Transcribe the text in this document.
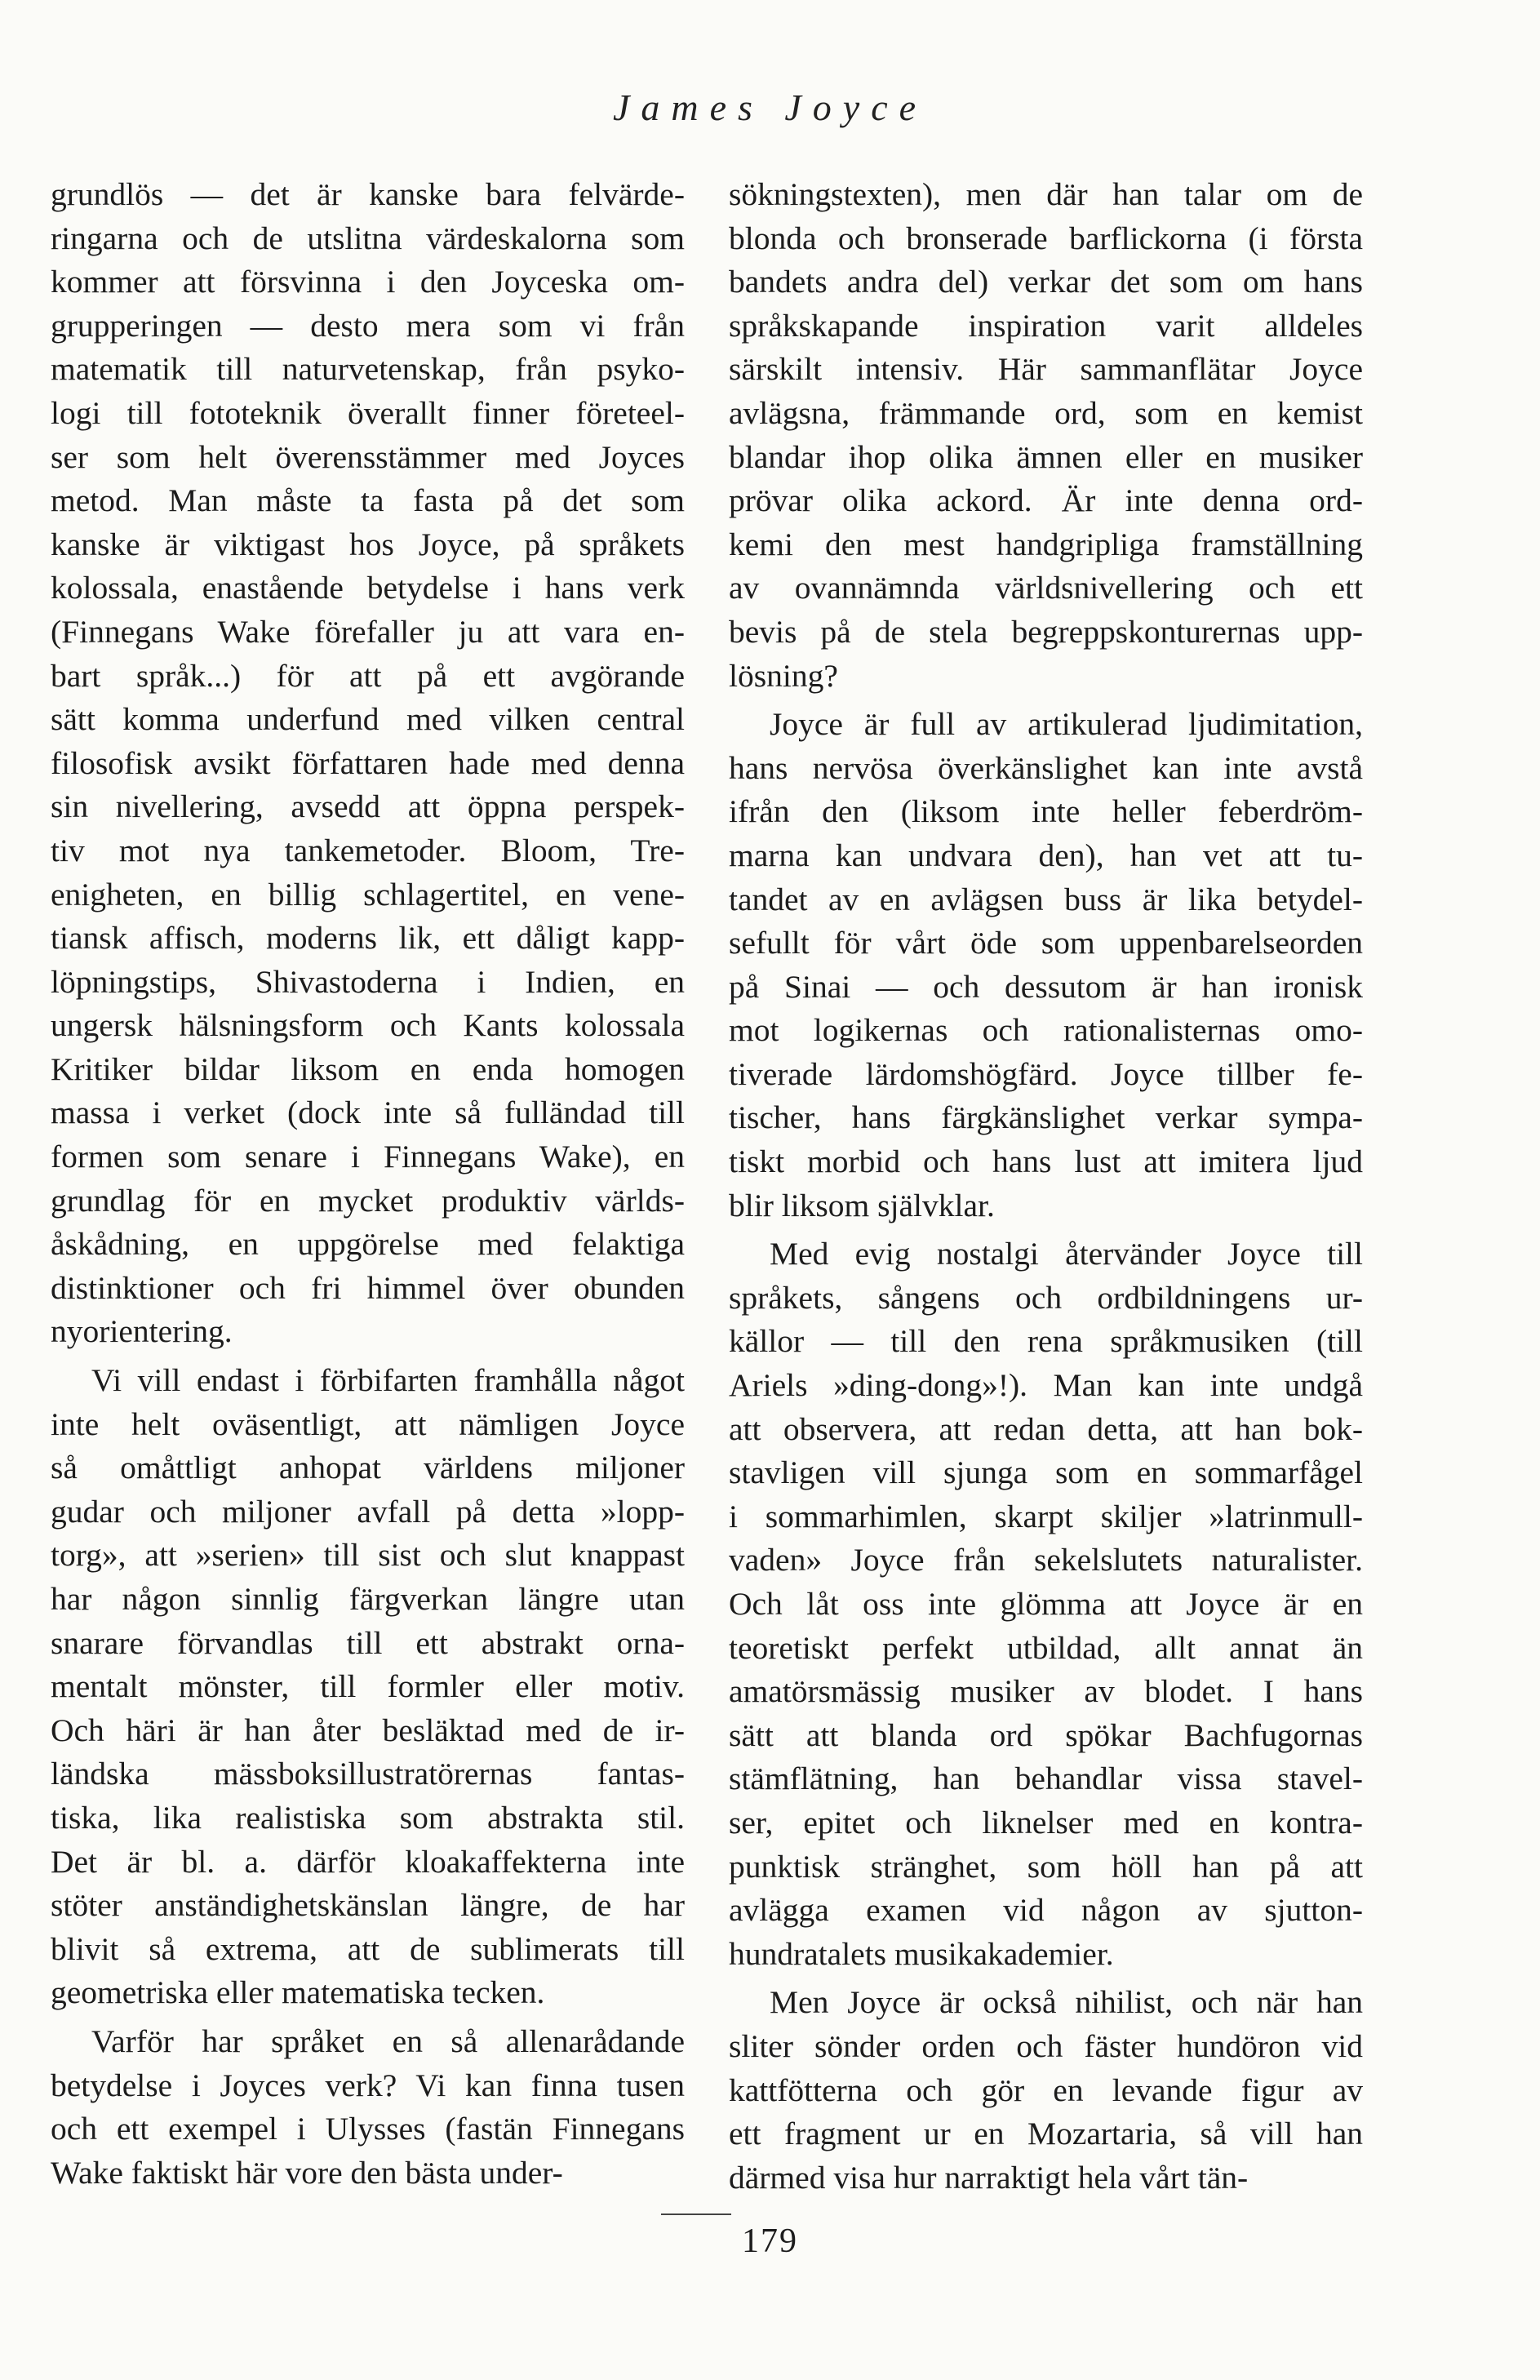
James Joyce

grundlös — det är kanske bara felvärde-
ringarna och de utslitna värdeskalorna som
kommer att försvinna i den Joyceska om-
grupperingen — desto mera som vi från
matematik till naturvetenskap, från psyko-
logi till fototeknik överallt finner företeel-
ser som helt överensstämmer med Joyces
metod. Man måste ta fasta på det som
kanske är viktigast hos Joyce, på språkets
kolossala, enastående betydelse i hans verk
(Finnegans Wake förefaller ju att vara en-
bart språk...) för att på ett avgörande
sätt komma underfund med vilken central
filosofisk avsikt författaren hade med denna
sin nivellering, avsedd att öppna perspek-
tiv mot nya tankemetoder. Bloom, Tre-
enigheten, en billig schlagertitel, en vene-
tiansk affisch, moderns lik, ett dåligt kapp-
löpningstips, Shivastoderna i Indien, en
ungersk hälsningsform och Kants kolossala
Kritiker bildar liksom en enda homogen
massa i verket (dock inte så fulländad till
formen som senare i Finnegans Wake), en
grundlag för en mycket produktiv världs-
åskådning, en uppgörelse med felaktiga
distinktioner och fri himmel över obunden
nyorientering.

Vi vill endast i förbifarten framhålla något
inte helt oväsentligt, att nämligen Joyce
så omåttligt anhopat världens miljoner
gudar och miljoner avfall på detta »lopp-
torg», att »serien» till sist och slut knappast
har någon sinnlig färgverkan längre utan
snarare förvandlas till ett abstrakt orna-
mentalt mönster, till formler eller motiv.
Och häri är han åter besläktad med de ir-
ländska mässboksillustratörernas fantas-
tiska, lika realistiska som abstrakta stil.
Det är bl. a. därför kloakaffekterna inte
stöter anständighetskänslan längre, de har
blivit så extrema, att de sublimerats till
geometriska eller matematiska tecken.

Varför har språket en så allenarådande
betydelse i Joyces verk? Vi kan finna tusen
och ett exempel i Ulysses (fastän Finnegans
Wake faktiskt här vore den bästa under-

sökningstexten), men där han talar om de
blonda och bronserade barflickorna (i första
bandets andra del) verkar det som om hans
språkskapande inspiration varit alldeles
särskilt intensiv. Här sammanflätar Joyce
avlägsna, främmande ord, som en kemist
blandar ihop olika ämnen eller en musiker
prövar olika ackord. Är inte denna ord-
kemi den mest handgripliga framställning
av ovannämnda världsnivellering och ett
bevis på de stela begreppskonturernas upp-
lösning?

Joyce är full av artikulerad ljudimitation,
hans nervösa överkänslighet kan inte avstå
ifrån den (liksom inte heller feberdröm-
marna kan undvara den), han vet att tu-
tandet av en avlägsen buss är lika betydel-
sefullt för vårt öde som uppenbarelseorden
på Sinai — och dessutom är han ironisk
mot logikernas och rationalisternas omo-
tiverade lärdomshögfärd. Joyce tillber fe-
tischer, hans färgkänslighet verkar sympa-
tiskt morbid och hans lust att imitera ljud
blir liksom självklar.

Med evig nostalgi återvänder Joyce till
språkets, sångens och ordbildningens ur-
källor — till den rena språkmusiken (till
Ariels »ding-dong»!). Man kan inte undgå
att observera, att redan detta, att han bok-
stavligen vill sjunga som en sommarfågel
i sommarhimlen, skarpt skiljer »latrinmull-
vaden» Joyce från sekelslutets naturalister.
Och låt oss inte glömma att Joyce är en
teoretiskt perfekt utbildad, allt annat än
amatörsmässig musiker av blodet. I hans
sätt att blanda ord spökar Bachfugornas
stämflätning, han behandlar vissa stavel-
ser, epitet och liknelser med en kontra-
punktisk stränghet, som höll han på att
avlägga examen vid någon av sjutton-
hundratalets musikakademier.

Men Joyce är också nihilist, och när han
sliter sönder orden och fäster hundöron vid
kattfötterna och gör en levande figur av
ett fragment ur en Mozartaria, så vill han
därmed visa hur narraktigt hela vårt tän-

179
